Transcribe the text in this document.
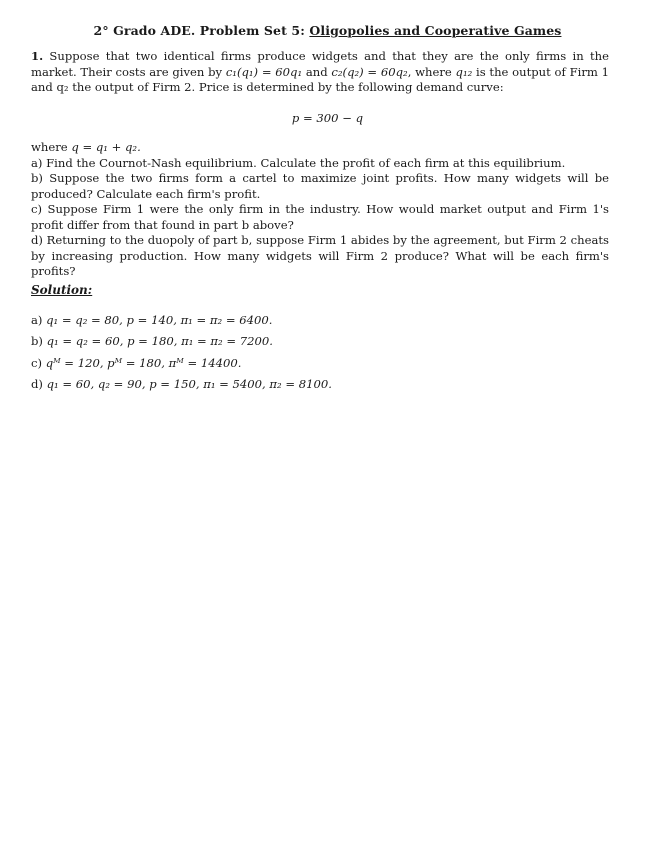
2° Grado ADE. Problem Set 5: Oligopolies and Cooperative Games
1. Suppose that two identical firms produce widgets and that they are the only firms in the market. Their costs are given by c₁(q₁) = 60q₁ and c₂(q₂) = 60q₂, where q₁₂ is the output of Firm 1 and q₂ the output of Firm 2. Price is determined by the following demand curve:
p = 300 − q
where q = q₁ + q₂.
a) Find the Cournot-Nash equilibrium. Calculate the profit of each firm at this equilibrium.
b) Suppose the two firms form a cartel to maximize joint profits. How many widgets will be produced? Calculate each firm's profit.
c) Suppose Firm 1 were the only firm in the industry. How would market output and Firm 1's profit differ from that found in part b above?
d) Returning to the duopoly of part b, suppose Firm 1 abides by the agreement, but Firm 2 cheats by increasing production. How many widgets will Firm 2 produce? What will be each firm's profits?
Solution:
a) q₁ = q₂ = 80, p = 140, π₁ = π₂ = 6400.
b) q₁ = q₂ = 60, p = 180, π₁ = π₂ = 7200.
c) qᴹ = 120, pᴹ = 180, πᴹ = 14400.
d) q₁ = 60, q₂ = 90, p = 150, π₁ = 5400, π₂ = 8100.
